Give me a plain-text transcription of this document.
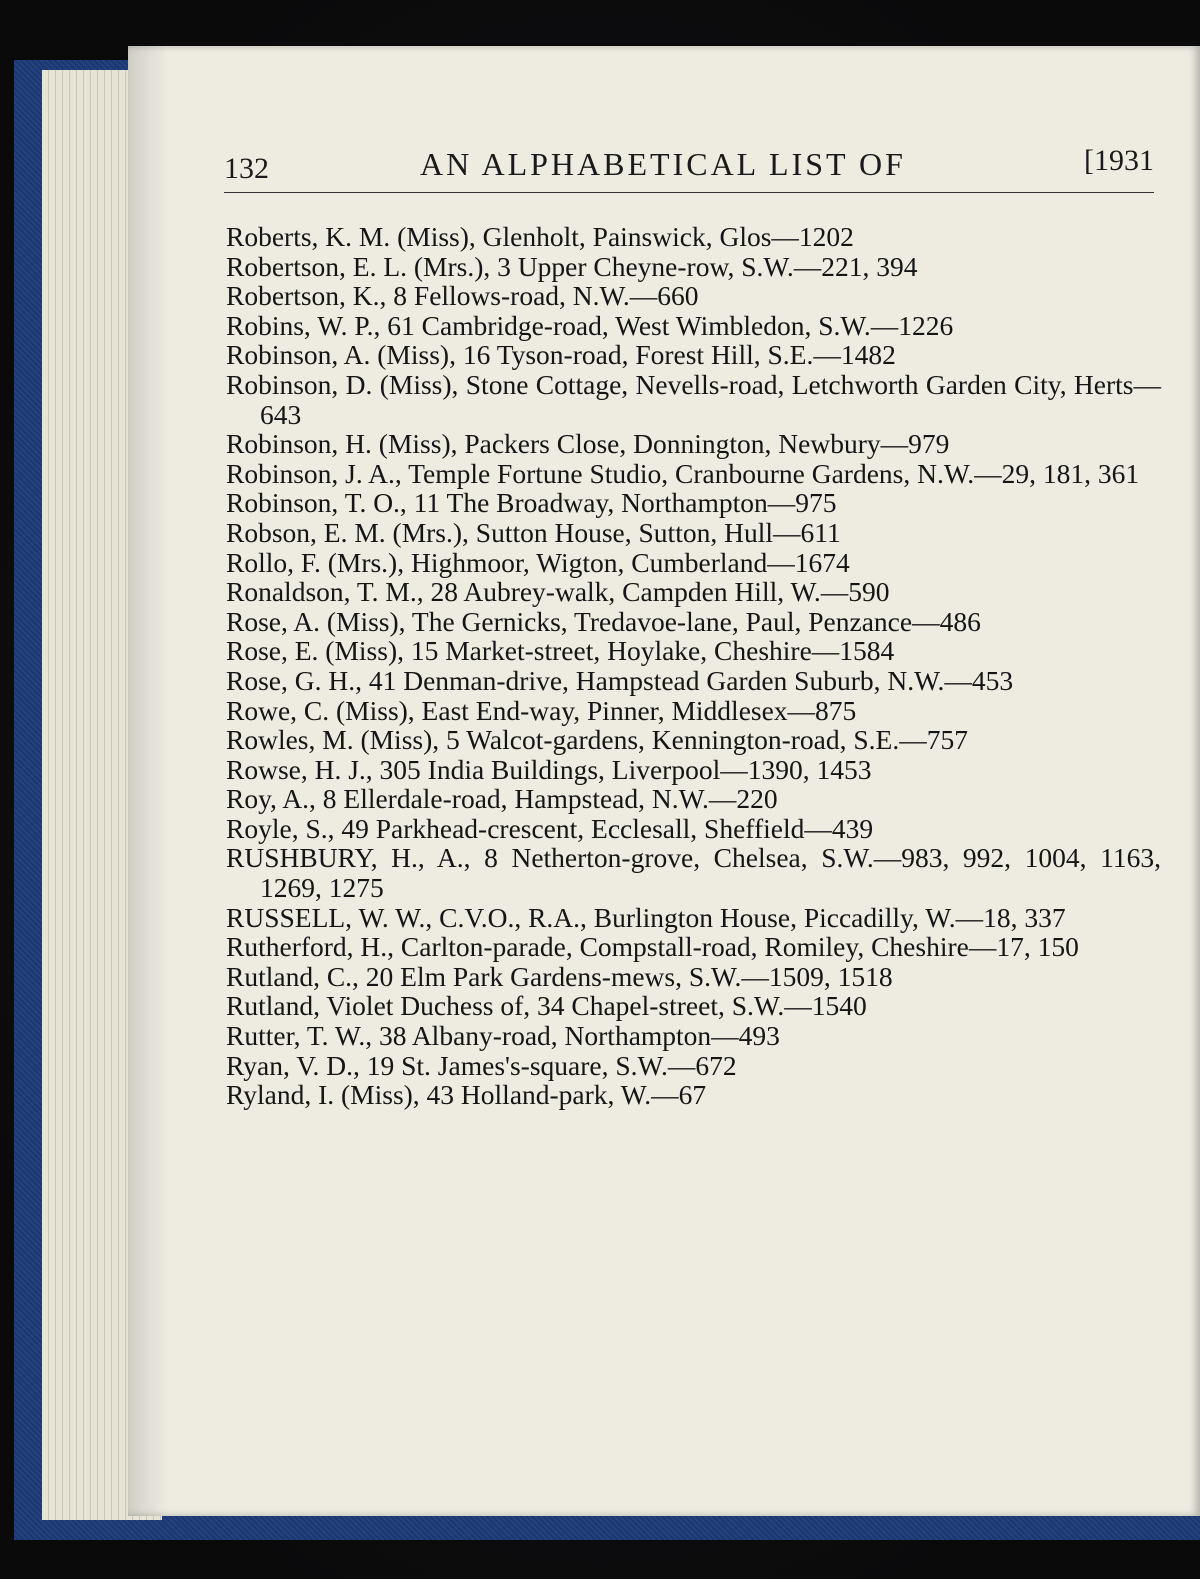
132	AN ALPHABETICAL LIST OF	[1931

Roberts, K. M. (Miss), Glenholt, Painswick, Glos—1202

Robertson, E. L. (Mrs.), 3 Upper Cheyne-row, S.W.—221, 394

Robertson, K., 8 Fellows-road, N.W.—660

Robins, W. P., 61 Cambridge-road, West Wimbledon, S.W.—1226

Robinson, A. (Miss), 16 Tyson-road, Forest Hill, S.E.—1482

Robinson, D. (Miss), Stone Cottage, Nevells-road, Letchworth Garden City, Herts—643

Robinson, H. (Miss), Packers Close, Donnington, Newbury—979

Robinson, J. A., Temple Fortune Studio, Cranbourne Gardens, N.W.—29, 181, 361

Robinson, T. O., 11 The Broadway, Northampton—975

Robson, E. M. (Mrs.), Sutton House, Sutton, Hull—611

Rollo, F. (Mrs.), Highmoor, Wigton, Cumberland—1674

Ronaldson, T. M., 28 Aubrey-walk, Campden Hill, W.—590

Rose, A. (Miss), The Gernicks, Tredavoe-lane, Paul, Penzance—486

Rose, E. (Miss), 15 Market-street, Hoylake, Cheshire—1584

Rose, G. H., 41 Denman-drive, Hampstead Garden Suburb, N.W.—453

Rowe, C. (Miss), East End-way, Pinner, Middlesex—875

Rowles, M. (Miss), 5 Walcot-gardens, Kennington-road, S.E.—757

Rowse, H. J., 305 India Buildings, Liverpool—1390, 1453

Roy, A., 8 Ellerdale-road, Hampstead, N.W.—220

Royle, S., 49 Parkhead-crescent, Ecclesall, Sheffield—439

RUSHBURY, H., A., 8 Netherton-grove, Chelsea, S.W.—983, 992, 1004, 1163, 1269, 1275

RUSSELL, W. W., C.V.O., R.A., Burlington House, Piccadilly, W.—18, 337

Rutherford, H., Carlton-parade, Compstall-road, Romiley, Cheshire—17, 150

Rutland, C., 20 Elm Park Gardens-mews, S.W.—1509, 1518

Rutland, Violet Duchess of, 34 Chapel-street, S.W.—1540

Rutter, T. W., 38 Albany-road, Northampton—493

Ryan, V. D., 19 St. James's-square, S.W.—672

Ryland, I. (Miss), 43 Holland-park, W.—67
